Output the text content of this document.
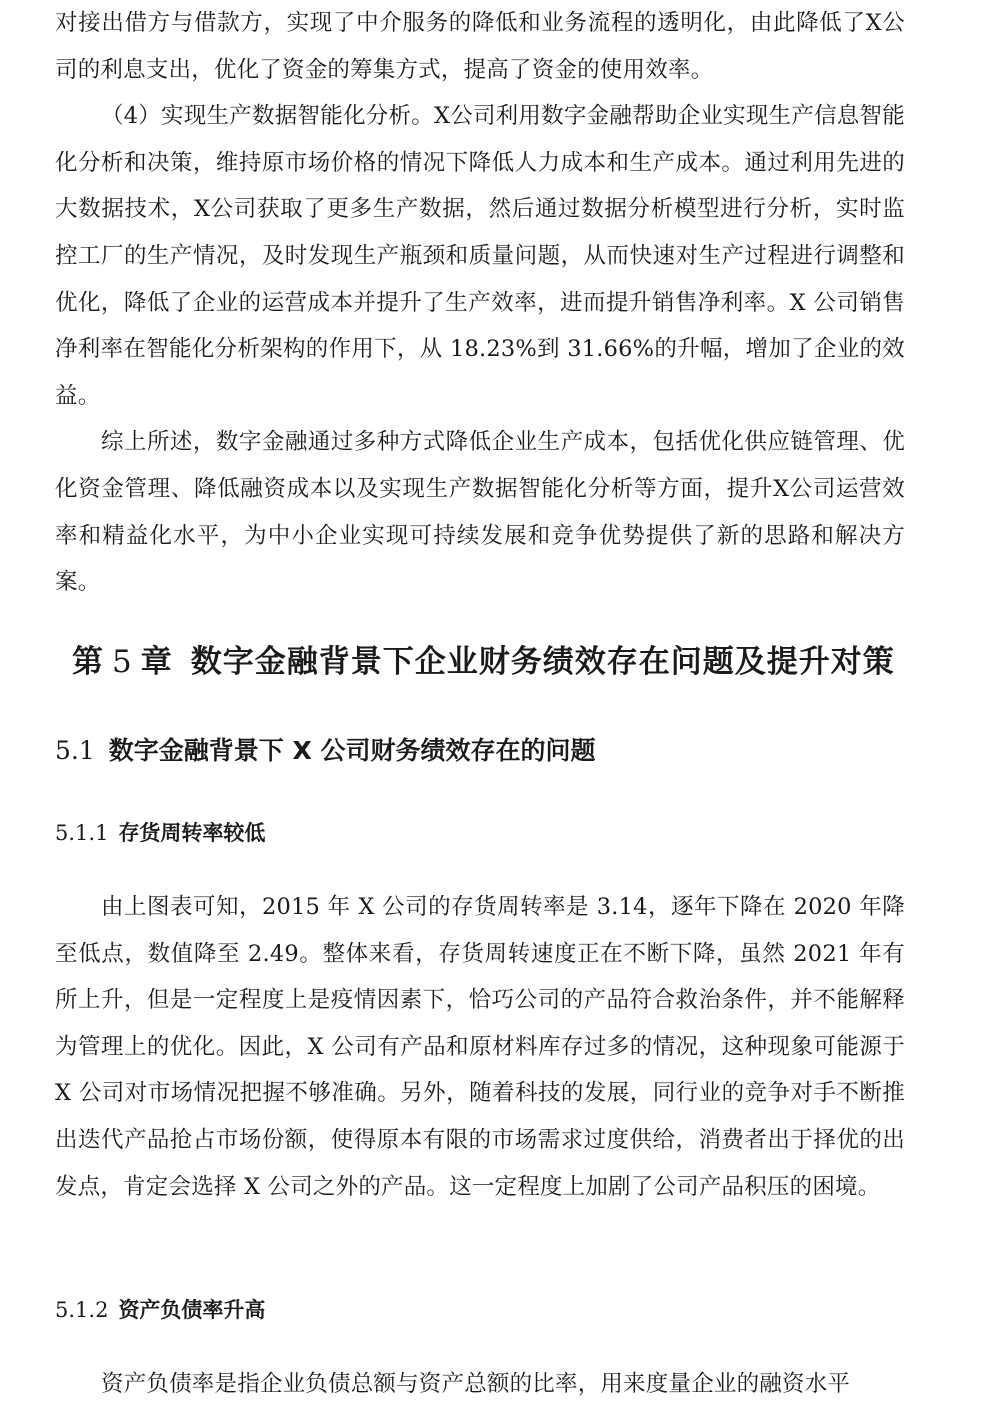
对接出借方与借款方，实现了中介服务的降低和业务流程的透明化，由此降低了X公司的利息支出，优化了资金的筹集方式，提高了资金的使用效率。

（4）实现生产数据智能化分析。X公司利用数字金融帮助企业实现生产信息智能化分析和决策，维持原市场价格的情况下降低人力成本和生产成本。通过利用先进的大数据技术，X公司获取了更多生产数据，然后通过数据分析模型进行分析，实时监控工厂的生产情况，及时发现生产瓶颈和质量问题，从而快速对生产过程进行调整和优化，降低了企业的运营成本并提升了生产效率，进而提升销售净利率。X 公司销售净利率在智能化分析架构的作用下，从 18.23%到 31.66%的升幅，增加了企业的效益。

综上所述，数字金融通过多种方式降低企业生产成本，包括优化供应链管理、优化资金管理、降低融资成本以及实现生产数据智能化分析等方面，提升X公司运营效率和精益化水平，为中小企业实现可持续发展和竞争优势提供了新的思路和解决方案。

第 5 章 数字金融背景下企业财务绩效存在问题及提升对策
5.1 数字金融背景下 X 公司财务绩效存在的问题
5.1.1 存货周转率较低

由上图表可知，2015 年 X 公司的存货周转率是 3.14，逐年下降在 2020 年降至低点，数值降至 2.49。整体来看，存货周转速度正在不断下降，虽然 2021 年有所上升，但是一定程度上是疫情因素下，恰巧公司的产品符合救治条件，并不能解释为管理上的优化。因此，X 公司有产品和原材料库存过多的情况，这种现象可能源于 X 公司对市场情况把握不够准确。另外，随着科技的发展，同行业的竞争对手不断推出迭代产品抢占市场份额，使得原本有限的市场需求过度供给，消费者出于择优的出发点，肯定会选择 X 公司之外的产品。这一定程度上加剧了公司产品积压的困境。

5.1.2 资产负债率升高

资产负债率是指企业负债总额与资产总额的比率，用来度量企业的融资水平
